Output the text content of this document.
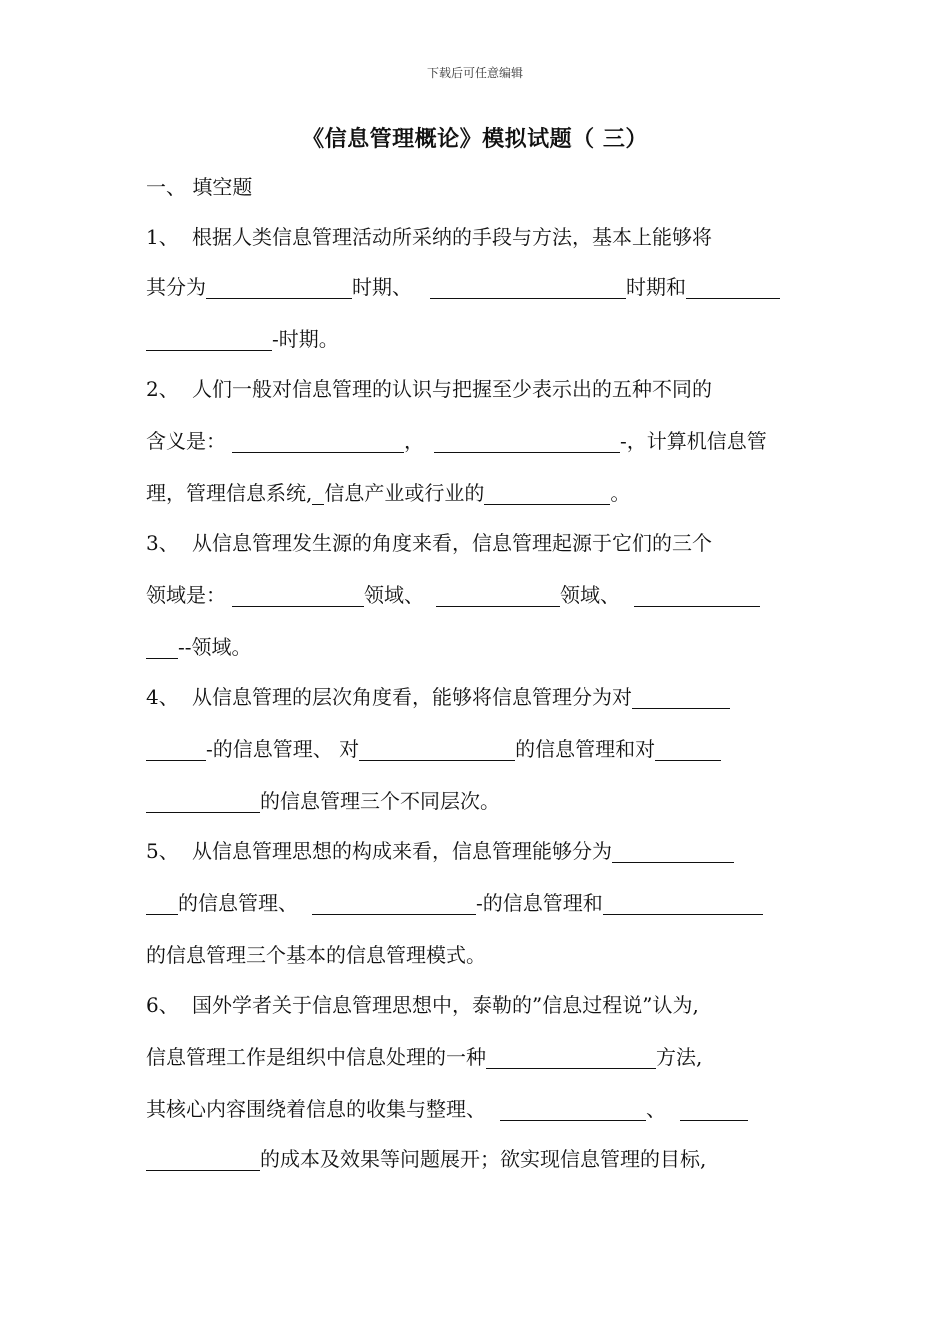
下载后可任意编辑
《信息管理概论》模拟试题（ 三）
一、 填空题
1、 根据人类信息管理活动所采纳的手段与方法，基本上能够将
其分为	时期、	时期和
-时期。
2、 人们一般对信息管理的认识与把握至少表示出的五种不同的
含义是：	，	-，计算机信息管
理，管理信息系统, 信息产业或行业的	。
3、 从信息管理发生源的角度来看，信息管理起源于它们的三个
领域是：	领域、	领域、
--领域。
4、 从信息管理的层次角度看，能够将信息管理分为对
-的信息管理、 对	的信息管理和对
的信息管理三个不同层次。
5、 从信息管理思想的构成来看，信息管理能够分为
的信息管理、	-的信息管理和
的信息管理三个基本的信息管理模式。
6、 国外学者关于信息管理思想中，泰勒的”信息过程说”认为,
信息管理工作是组织中信息处理的一种	方法,
其核心内容围绕着信息的收集与整理、	、
的成本及效果等问题展开；欲实现信息管理的目标,
